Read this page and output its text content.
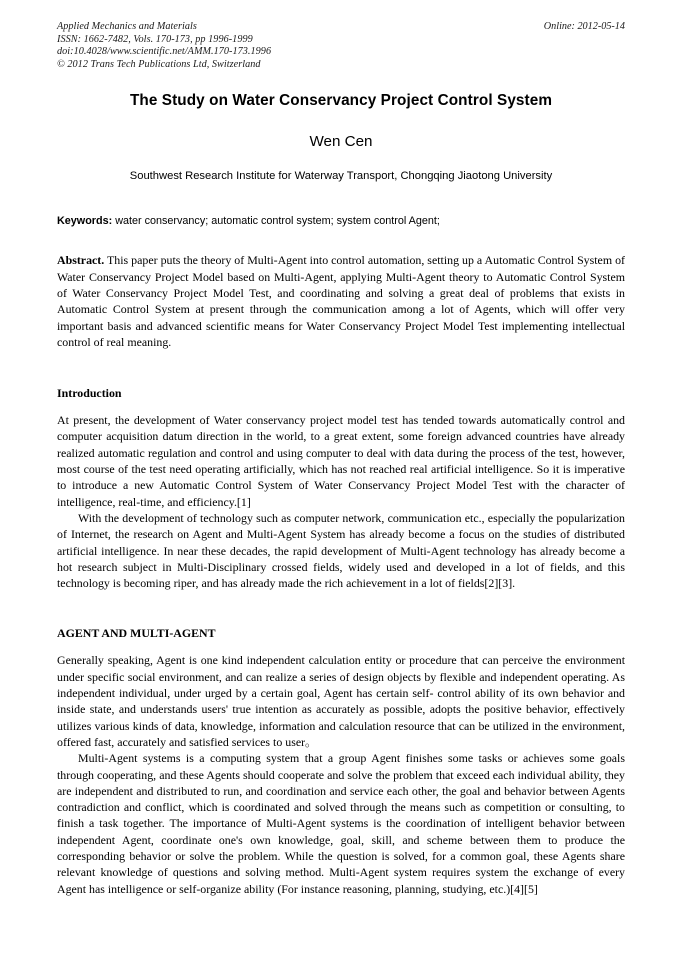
Applied Mechanics and Materials
ISSN: 1662-7482, Vols. 170-173, pp 1996-1999
doi:10.4028/www.scientific.net/AMM.170-173.1996
© 2012 Trans Tech Publications Ltd, Switzerland
Online: 2012-05-14
The Study on Water Conservancy Project Control System
Wen Cen
Southwest Research Institute for Waterway Transport, Chongqing Jiaotong University
Keywords: water conservancy; automatic control system; system control Agent;

Abstract. This paper puts the theory of Multi-Agent into control automation, setting up a Automatic Control System of Water Conservancy Project Model based on Multi-Agent, applying Multi-Agent theory to Automatic Control System of Water Conservancy Project Model Test, and coordinating and solving a great deal of problems that exists in Automatic Control System at present through the communication among a lot of Agents, which will offer very important basis and advanced scientific means for Water Conservancy Project Model Test implementing intellectual control of real meaning.

Introduction

At present, the development of Water conservancy project model test has tended towards automatically control and computer acquisition datum direction in the world, to a great extent, some foreign advanced countries have already realized automatic regulation and control and using computer to deal with data during the process of the test, however, most course of the test need operating artificially, which has not reached real artificial intelligence. So it is imperative to introduce a new Automatic Control System of Water Conservancy Project Model Test with the character of intelligence, real-time, and efficiency.[1]

With the development of technology such as computer network, communication etc., especially the popularization of Internet, the research on Agent and Multi-Agent System has already become a focus on the studies of distributed artificial intelligence. In near these decades, the rapid development of Multi-Agent technology has already become a hot research subject in Multi-Disciplinary crossed fields, widely used and developed in a lot of fields, and this technology is becoming riper, and has already made the rich achievement in a lot of fields[2][3].

AGENT AND MULTI-AGENT

Generally speaking, Agent is one kind independent calculation entity or procedure that can perceive the environment under specific social environment, and can realize a series of design objects by flexible and independent operating. As independent individual, under urged by a certain goal, Agent has certain self- control ability of its own behavior and inside state, and understands users' true intention as accurately as possible, adopts the positive behavior, effectively utilizes various kinds of data, knowledge, information and calculation resource that can be utilized in the environment, offered fast, accurately and satisfied services to user。

Multi-Agent systems is a computing system that a group Agent finishes some tasks or achieves some goals through cooperating, and these Agents should cooperate and solve the problem that exceed each individual ability, they are independent and distributed to run, and coordination and service each other, the goal and behavior between Agents contradiction and conflict, which is coordinated and solved through the means such as competition or consulting, to finish a task together. The importance of Multi-Agent systems is the coordination of intelligent behavior between independent Agent, coordinate one's own knowledge, goal, skill, and scheme between them to produce the corresponding behavior or solve the problem. While the question is solved, for a common goal, these Agents share relevant knowledge of questions and solving method. Multi-Agent system requires system the exchange of every Agent has intelligence or self-organize ability (For instance reasoning, planning, studying, etc.)[4][5]
